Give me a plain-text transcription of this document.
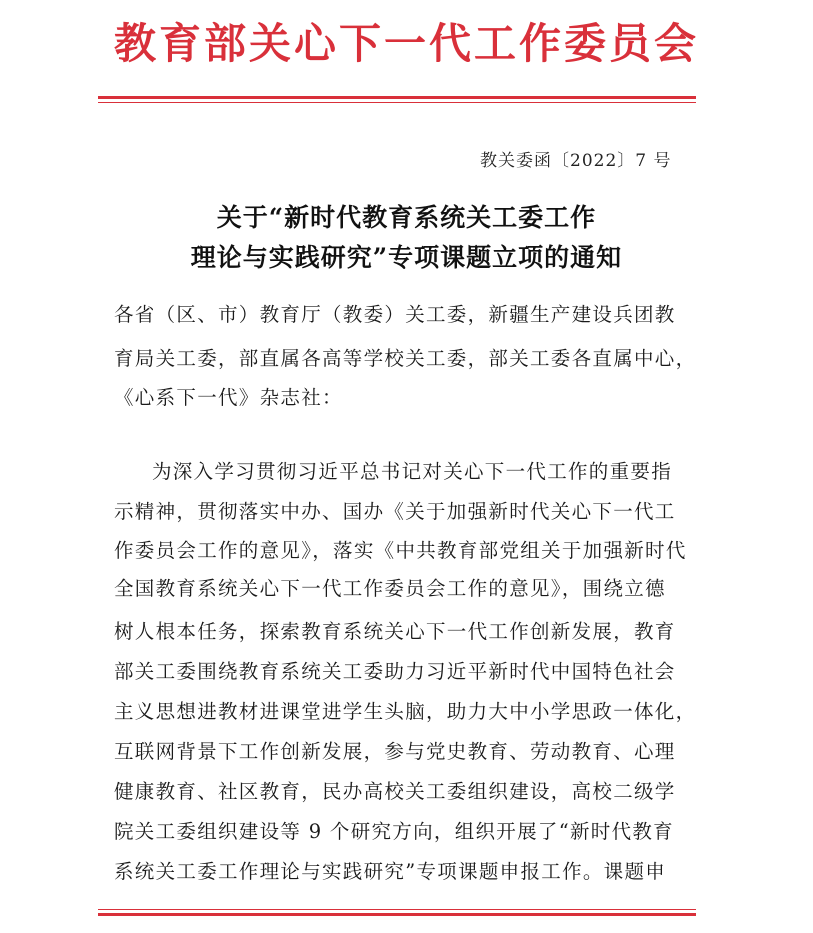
教育部关心下一代工作委员会
教关委函〔2022〕7 号
关于“新时代教育系统关工委工作
理论与实践研究”专项课题立项的通知
各省（区、市）教育厅（教委）关工委，新疆生产建设兵团教
育局关工委，部直属各高等学校关工委，部关工委各直属中心，
《心系下一代》杂志社：
为深入学习贯彻习近平总书记对关心下一代工作的重要指
示精神，贯彻落实中办、国办《关于加强新时代关心下一代工
作委员会工作的意见》，落实《中共教育部党组关于加强新时代
全国教育系统关心下一代工作委员会工作的意见》，围绕立德
树人根本任务，探索教育系统关心下一代工作创新发展，教育
部关工委围绕教育系统关工委助力习近平新时代中国特色社会
主义思想进教材进课堂进学生头脑，助力大中小学思政一体化，
互联网背景下工作创新发展，参与党史教育、劳动教育、心理
健康教育、社区教育，民办高校关工委组织建设，高校二级学
院关工委组织建设等 9 个研究方向，组织开展了“新时代教育
系统关工委工作理论与实践研究”专项课题申报工作。课题申
